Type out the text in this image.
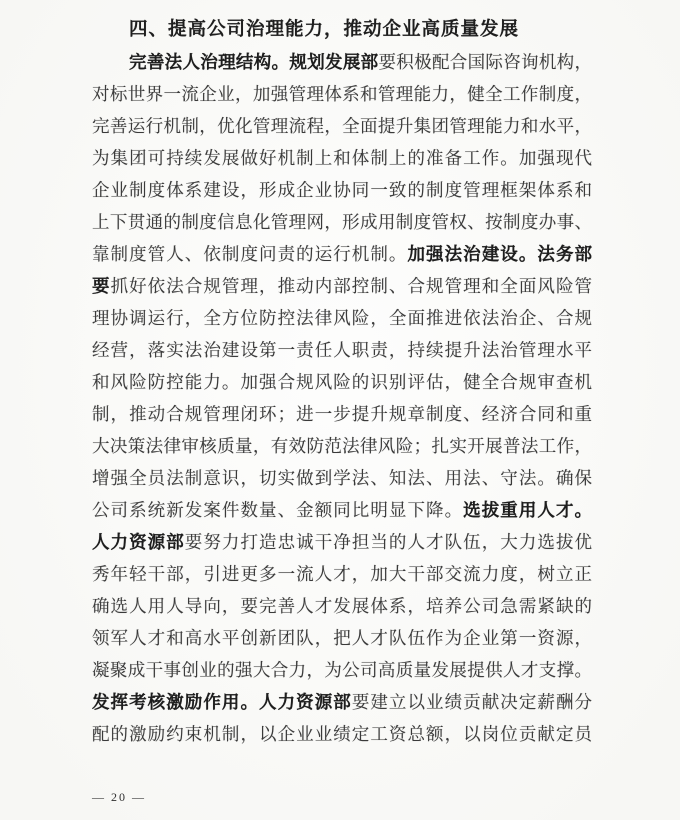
四、提高公司治理能力，推动企业高质量发展
完善法人治理结构。规划发展部要积极配合国际咨询机构，
对标世界一流企业，加强管理体系和管理能力，健全工作制度，
完善运行机制，优化管理流程，全面提升集团管理能力和水平，
为集团可持续发展做好机制上和体制上的准备工作。加强现代
企业制度体系建设，形成企业协同一致的制度管理框架体系和
上下贯通的制度信息化管理网，形成用制度管权、按制度办事、
靠制度管人、依制度问责的运行机制。加强法治建设。法务部
要抓好依法合规管理，推动内部控制、合规管理和全面风险管
理协调运行，全方位防控法律风险，全面推进依法治企、合规
经营，落实法治建设第一责任人职责，持续提升法治管理水平
和风险防控能力。加强合规风险的识别评估，健全合规审查机
制，推动合规管理闭环；进一步提升规章制度、经济合同和重
大决策法律审核质量，有效防范法律风险；扎实开展普法工作，
增强全员法制意识，切实做到学法、知法、用法、守法。确保
公司系统新发案件数量、金额同比明显下降。选拔重用人才。
人力资源部要努力打造忠诚干净担当的人才队伍，大力选拔优
秀年轻干部，引进更多一流人才，加大干部交流力度，树立正
确选人用人导向，要完善人才发展体系，培养公司急需紧缺的
领军人才和高水平创新团队，把人才队伍作为企业第一资源，
凝聚成干事创业的强大合力，为公司高质量发展提供人才支撑。
发挥考核激励作用。人力资源部要建立以业绩贡献决定薪酬分
配的激励约束机制，以企业业绩定工资总额，以岗位贡献定员
— 20 —
